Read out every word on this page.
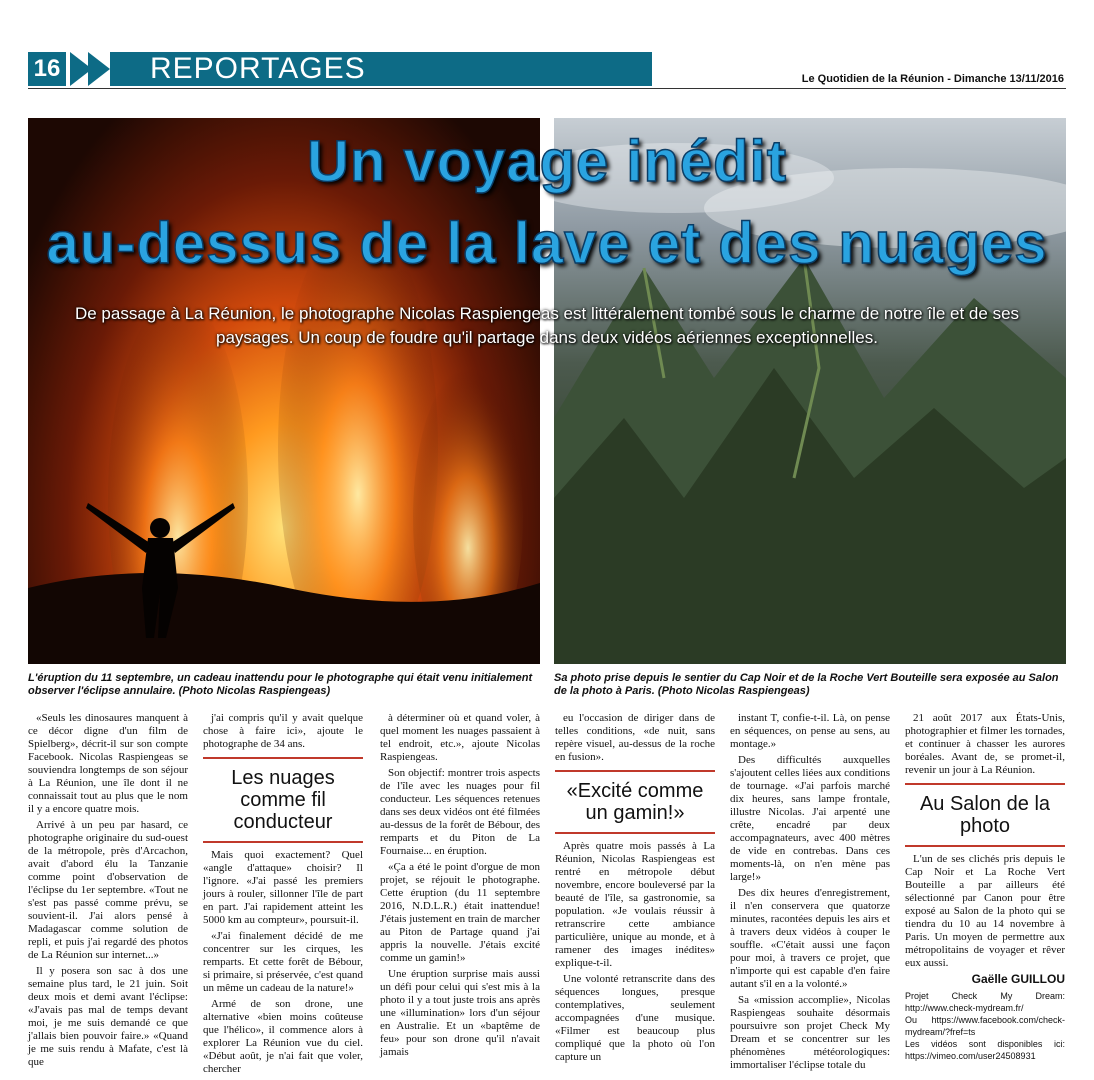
16	REPORTAGES	Le Quotidien de la Réunion - Dimanche 13/11/2016
Un voyage inédit
au-dessus de la lave et des nuages
De passage à La Réunion, le photographe Nicolas Raspiengeas est littéralement tombé sous le charme de notre île et de ses paysages. Un coup de foudre qu'il partage dans deux vidéos aériennes exceptionnelles.
L'éruption du 11 septembre, un cadeau inattendu pour le photographe qui était venu initialement observer l'éclipse annulaire. (Photo Nicolas Raspiengeas)
Sa photo prise depuis le sentier du Cap Noir et de la Roche Vert Bouteille sera exposée au Salon de la photo à Paris. (Photo Nicolas Raspiengeas)

«Seuls les dinosaures manquent à ce décor digne d'un film de Spielberg», décrit-il sur son compte Facebook. Nicolas Raspiengeas se souviendra longtemps de son séjour à La Réunion, une île dont il ne connaissait tout au plus que le nom il y a encore quatre mois.

Arrivé à un peu par hasard, ce photographe originaire du sud-ouest de la métropole, près d'Arcachon, avait d'abord élu la Tanzanie comme point d'observation de l'éclipse du 1er septembre. «Tout ne s'est pas passé comme prévu, se souvient-il. J'ai alors pensé à Madagascar comme solution de repli, et puis j'ai regardé des photos de La Réunion sur internet...»

Il y posera son sac à dos une semaine plus tard, le 21 juin. Soit deux mois et demi avant l'éclipse: «J'avais pas mal de temps devant moi, je me suis demandé ce que j'allais bien pouvoir faire.» «Quand je me suis rendu à Mafate, c'est là que

j'ai compris qu'il y avait quelque chose à faire ici», ajoute le photographe de 34 ans.

Les nuages comme fil conducteur

Mais quoi exactement? Quel «angle d'attaque» choisir? Il l'ignore. «J'ai passé les premiers jours à rouler, sillonner l'île de part en part. J'ai rapidement atteint les 5000 km au compteur», poursuit-il.

«J'ai finalement décidé de me concentrer sur les cirques, les remparts. Et cette forêt de Bébour, si primaire, si préservée, c'est quand un même un cadeau de la nature!»

Armé de son drone, une alternative «bien moins coûteuse que l'hélico», il commence alors à explorer La Réunion vue du ciel. «Début août, je n'ai fait que voler, chercher

à déterminer où et quand voler, à quel moment les nuages passaient à tel endroit, etc.», ajoute Nicolas Raspiengeas.

Son objectif: montrer trois aspects de l'île avec les nuages pour fil conducteur. Les séquences retenues dans ses deux vidéos ont été filmées au-dessus de la forêt de Bébour, des remparts et du Piton de La Fournaise... en éruption.

«Ça a été le point d'orgue de mon projet, se réjouit le photographe. Cette éruption (du 11 septembre 2016, N.D.L.R.) était inattendue! J'étais justement en train de marcher au Piton de Partage quand j'ai appris la nouvelle. J'étais excité comme un gamin!»

Une éruption surprise mais aussi un défi pour celui qui s'est mis à la photo il y a tout juste trois ans après une «illumination» lors d'un séjour en Australie. Et un «baptême de feu» pour son drone qu'il n'avait jamais

eu l'occasion de diriger dans de telles conditions, «de nuit, sans repère visuel, au-dessus de la roche en fusion».

«Excité comme un gamin!»

Après quatre mois passés à La Réunion, Nicolas Raspiengeas est rentré en métropole début novembre, encore bouleversé par la beauté de l'île, sa gastronomie, sa population. «Je voulais réussir à retranscrire cette ambiance particulière, unique au monde, et à ramener des images inédites» explique-t-il.

Une volonté retranscrite dans des séquences longues, presque contemplatives, seulement accompagnées d'une musique. «Filmer est beaucoup plus compliqué que la photo où l'on capture un

instant T, confie-t-il. Là, on pense en séquences, on pense au sens, au montage.»

Des difficultés auxquelles s'ajoutent celles liées aux conditions de tournage. «J'ai parfois marché dix heures, sans lampe frontale, illustre Nicolas. J'ai arpenté une crête, encadré par deux accompagnateurs, avec 400 mètres de vide en contrebas. Dans ces moments-là, on n'en mène pas large!»

Des dix heures d'enregistrement, il n'en conservera que quatorze minutes, racontées depuis les airs et à travers deux vidéos à couper le souffle. «C'était aussi une façon pour moi, à travers ce projet, que n'importe qui est capable d'en faire autant s'il en a la volonté.»

Sa «mission accomplie», Nicolas Raspiengeas souhaite désormais poursuivre son projet Check My Dream et se concentrer sur les phénomènes météorologiques: immortaliser l'éclipse totale du

21 août 2017 aux États-Unis, photographier et filmer les tornades, et continuer à chasser les aurores boréales. Avant de, se promet-il, revenir un jour à La Réunion.

Au Salon de la photo

L'un de ses clichés pris depuis le Cap Noir et La Roche Vert Bouteille a par ailleurs été sélectionné par Canon pour être exposé au Salon de la photo qui se tiendra du 10 au 14 novembre à Paris. Un moyen de permettre aux métropolitains de voyager et rêver eux aussi.

Gaëlle GUILLOU
Projet Check My Dream: http://www.check-mydream.fr/
Ou https://www.facebook.com/check-mydream/?fref=ts
Les vidéos sont disponibles ici: https://vimeo.com/user24508931
